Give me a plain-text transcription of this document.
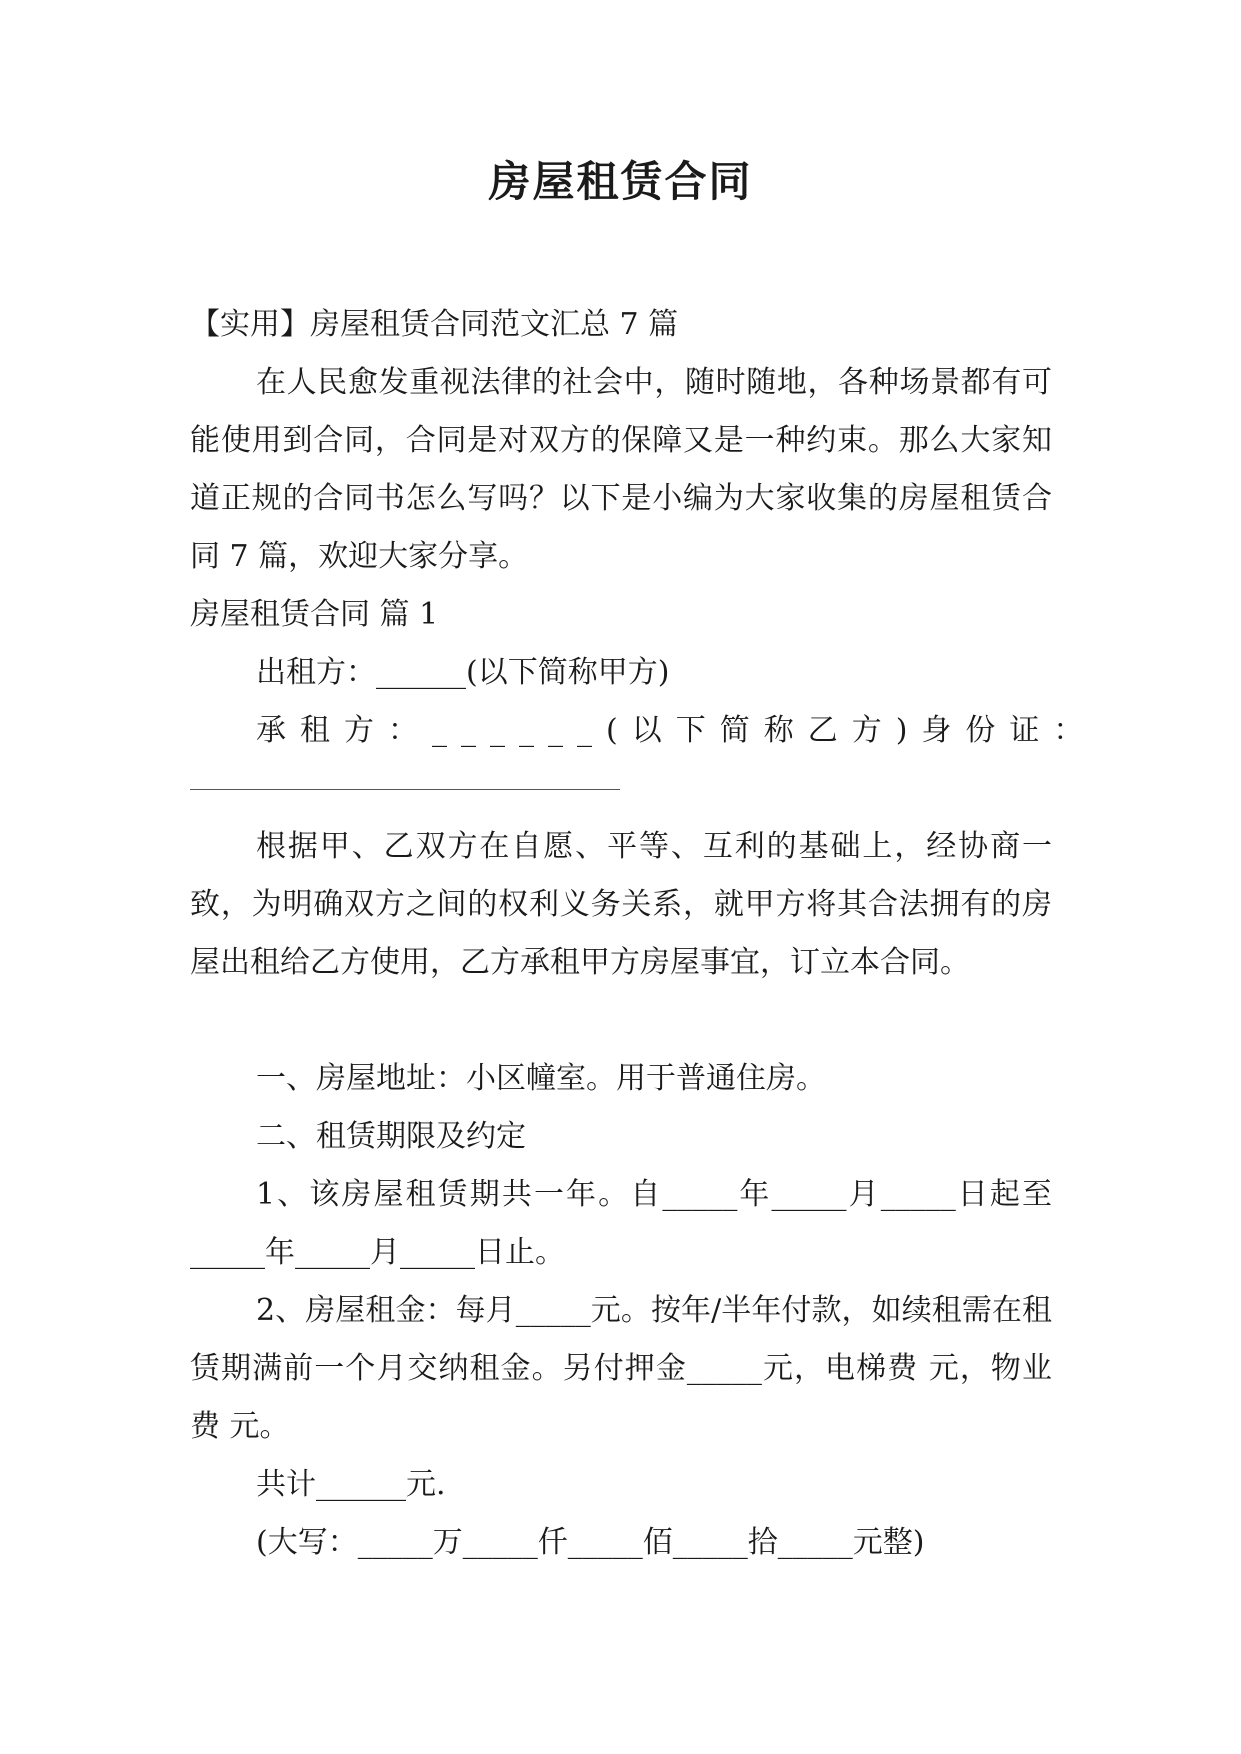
房屋租赁合同
【实用】房屋租赁合同范文汇总 7 篇
在人民愈发重视法律的社会中，随时随地，各种场景都有可能使用到合同，合同是对双方的保障又是一种约束。那么大家知道正规的合同书怎么写吗？以下是小编为大家收集的房屋租赁合同 7 篇，欢迎大家分享。
房屋租赁合同 篇 1
出租方：______(以下简称甲方)
承租方：______(以下简称乙方)身份证：
根据甲、乙双方在自愿、平等、互利的基础上，经协商一致，为明确双方之间的权利义务关系，就甲方将其合法拥有的房屋出租给乙方使用，乙方承租甲方房屋事宜，订立本合同。
一、房屋地址：小区幢室。用于普通住房。
二、租赁期限及约定
1、该房屋租赁期共一年。自_____年_____月_____日起至_____年_____月_____日止。
2、房屋租金：每月_____元。按年/半年付款，如续租需在租赁期满前一个月交纳租金。另付押金_____元，电梯费 元，物业费 元。
共计______元.
(大写：_____万_____仟_____佰_____拾_____元整)
